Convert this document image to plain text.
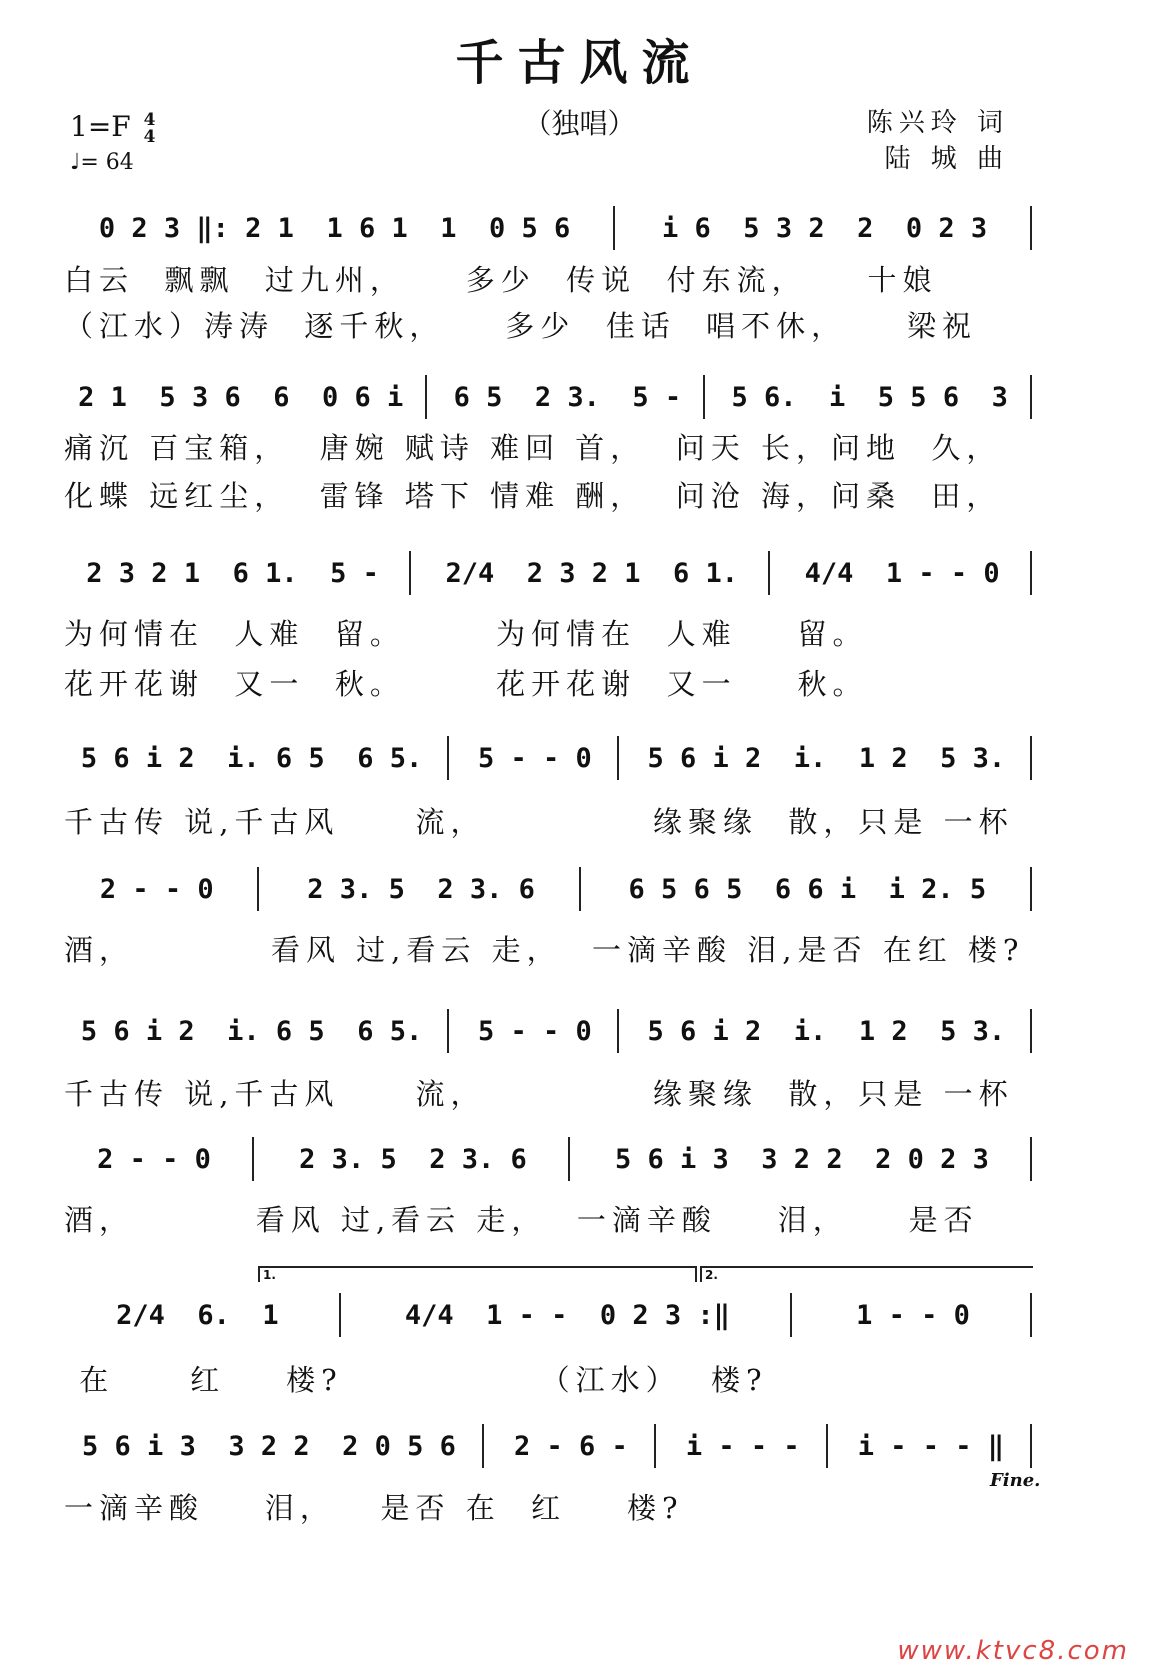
千古风流
（独唱）
1=F 4
4
♩= 64
陈兴玲 词
陆 城 曲
0 2 3 ‖: 2 1  1 6 1  1  0 5 6	i 6  5 3 2  2  0 2 3
白云  飘飘  过九州，    多少  传说  付东流，    十娘
（江水）涛涛  逐千秋，    多少  佳话  唱不休，    梁祝
2 1  5 3 6  6  0 6 i	6 5  2 3.  5 -	5 6.  i  5 5 6  3
痛沉 百宝箱，  唐婉 赋诗 难回 首，  问天 长，问地  久，
化蝶 远红尘，  雷锋 塔下 情难 酬，  问沧 海，问桑  田，
2 3 2 1  6 1.  5 -	2/4  2 3 2 1  6 1.	4/4  1 - - 0
为何情在  人难  留。      为何情在  人难    留。
花开花谢  又一  秋。      花开花谢  又一    秋。
5 6 i 2  i. 6 5  6 5.	5 - - 0	5 6 i 2  i.  1 2  5 3.
千古传 说,千古风     流，           缘聚缘  散，只是 一杯
2 - - 0	2 3. 5  2 3. 6	6 5 6 5  6 6 i  i 2. 5
酒，         看风 过,看云 走，  一滴辛酸 泪,是否 在红 楼?
5 6 i 2  i. 6 5  6 5.	5 - - 0	5 6 i 2  i.  1 2  5 3.
千古传 说,千古风     流，           缘聚缘  散，只是 一杯
2 - - 0	2 3. 5  2 3. 6	5 6 i 3  3 2 2  2 0 2 3
酒，        看风 过,看云 走，  一滴辛酸    泪，    是否
2/4  6.  1	4/4  1 - -  0 2 3 :‖	1 - - 0
在     红    楼?             （江水）  楼?
5 6 i 3  3 2 2  2 0 5 6	2 - 6 -	i - - -	i - - - ‖
一滴辛酸    泪，   是否 在  红    楼?
1.	2.
Fine.
www.ktvc8.com
